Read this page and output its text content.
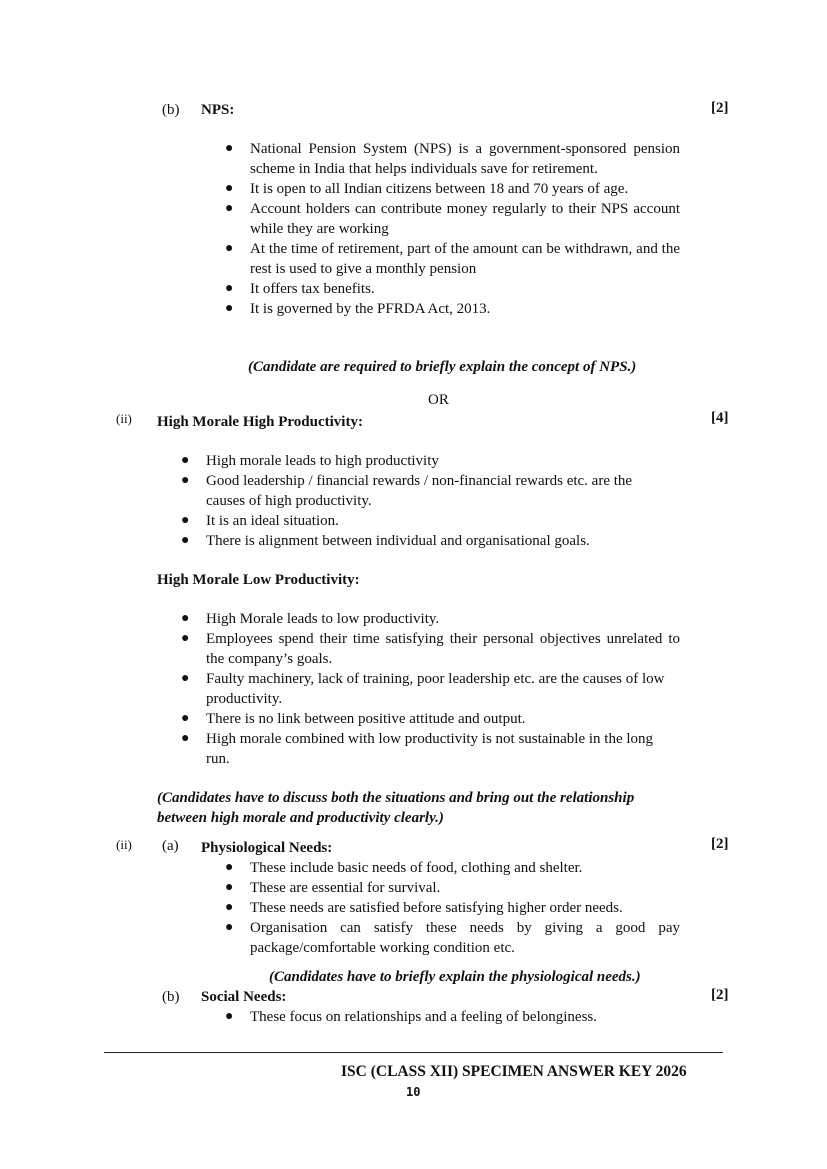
(b) NPS:	[2]
● National Pension System (NPS) is a government-sponsored pension scheme in India that helps individuals save for retirement.
● It is open to all Indian citizens between 18 and 70 years of age.
● Account holders can contribute money regularly to their NPS account while they are working
● At the time of retirement, part of the amount can be withdrawn, and the rest is used to give a monthly pension
● It offers tax benefits.
● It is governed by the PFRDA Act, 2013.
(Candidate are required to briefly explain the concept of NPS.)
OR
(ii) High Morale High Productivity:	[4]
● High morale leads to high productivity
● Good leadership / financial rewards / non-financial rewards etc. are the causes of high productivity.
● It is an ideal situation.
● There is alignment between individual and organisational goals.
High Morale Low Productivity:
● High Morale leads to low productivity.
● Employees spend their time satisfying their personal objectives unrelated to the company’s goals.
● Faulty machinery, lack of training, poor leadership etc. are the causes of low productivity.
● There is no link between positive attitude and output.
● High morale combined with low productivity is not sustainable in the long run.
(Candidates have to discuss both the situations and bring out the relationship between high morale and productivity clearly.)
(ii) (a) Physiological Needs:	[2]
● These include basic needs of food, clothing and shelter.
● These are essential for survival.
● These needs are satisfied before satisfying higher order needs.
● Organisation can satisfy these needs by giving a good pay package/comfortable working condition etc.
(Candidates have to briefly explain the physiological needs.)
(b) Social Needs:	[2]
● These focus on relationships and a feeling of belonginess.
ISC (CLASS XII) SPECIMEN ANSWER KEY 2026
10
